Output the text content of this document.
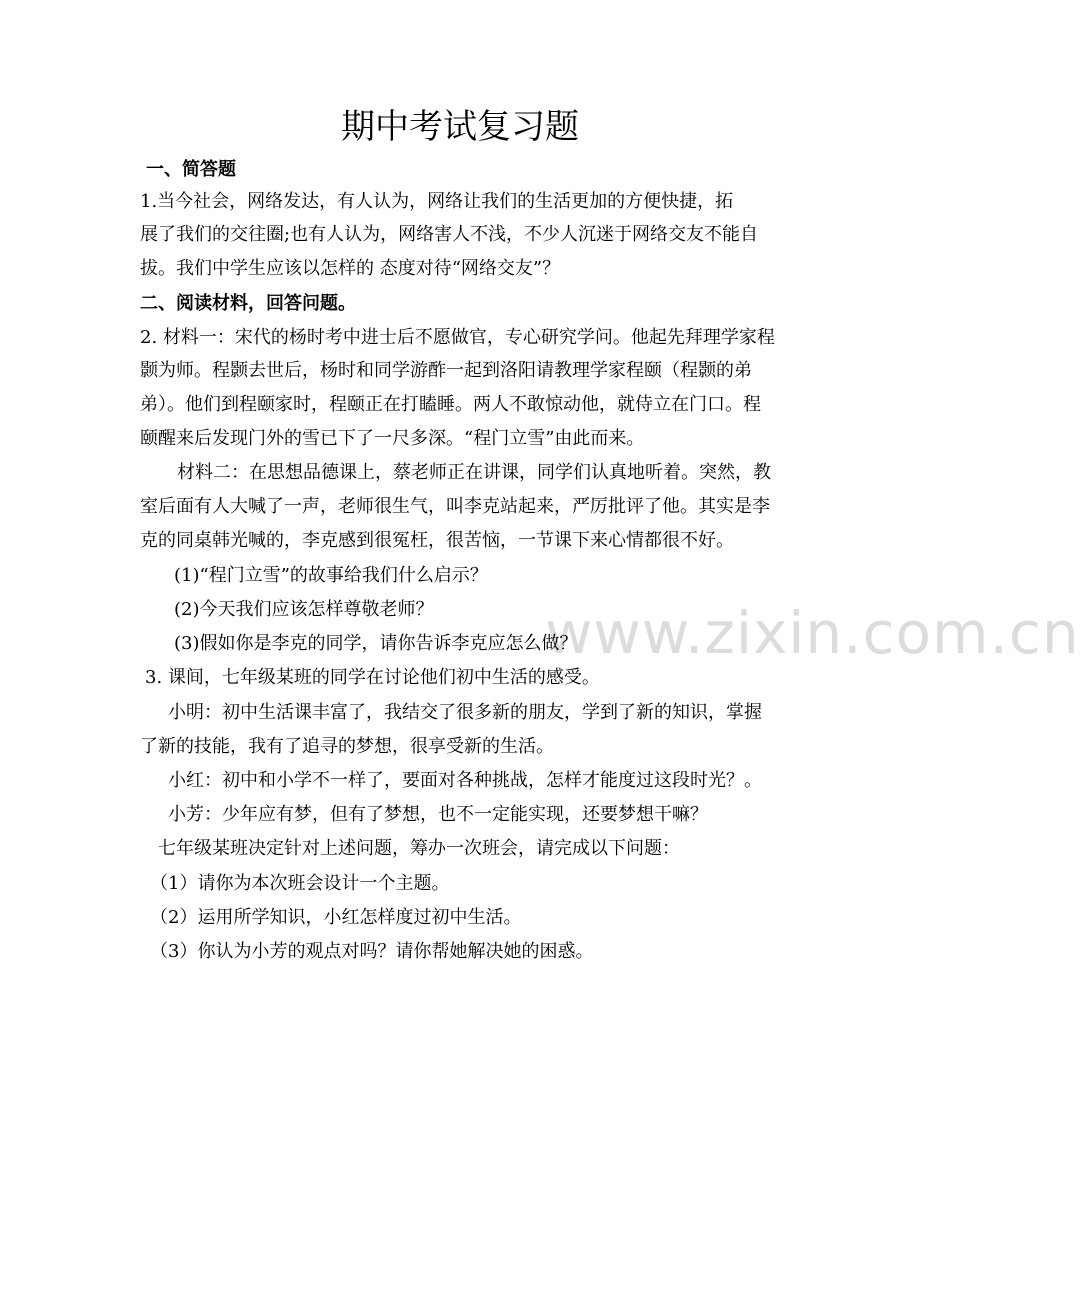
www.zixin.com.cn
期中考试复习题
一、简答题
1.当今社会，网络发达，有人认为，网络让我们的生活更加的方便快捷，拓
展了我们的交往圈;也有人认为，网络害人不浅，不少人沉迷于网络交友不能自
拔。我们中学生应该以怎样的 态度对待“网络交友”？
二、阅读材料，回答问题。
2. 材料一：宋代的杨时考中进士后不愿做官，专心研究学问。他起先拜理学家程
颢为师。程颢去世后，杨时和同学游酢一起到洛阳请教理学家程颐（程颢的弟
弟）。他们到程颐家时，程颐正在打瞌睡。两人不敢惊动他，就侍立在门口。程
颐醒来后发现门外的雪已下了一尺多深。“程门立雪”由此而来。
材料二：在思想品德课上，蔡老师正在讲课，同学们认真地听着。突然，教
室后面有人大喊了一声，老师很生气，叫李克站起来，严厉批评了他。其实是李
克的同桌韩光喊的，李克感到很冤枉，很苦恼，一节课下来心情都很不好。
(1)“程门立雪”的故事给我们什么启示？
(2)今天我们应该怎样尊敬老师？
(3)假如你是李克的同学，请你告诉李克应怎么做？
3. 课间，七年级某班的同学在讨论他们初中生活的感受。
小明：初中生活课丰富了，我结交了很多新的朋友，学到了新的知识，掌握
了新的技能，我有了追寻的梦想，很享受新的生活。
小红：初中和小学不一样了，要面对各种挑战，怎样才能度过这段时光？。
小芳：少年应有梦，但有了梦想，也不一定能实现，还要梦想干嘛？
七年级某班决定针对上述问题，筹办一次班会，请完成以下问题：
（1）请你为本次班会设计一个主题。
（2）运用所学知识，小红怎样度过初中生活。
（3）你认为小芳的观点对吗？请你帮她解决她的困惑。
